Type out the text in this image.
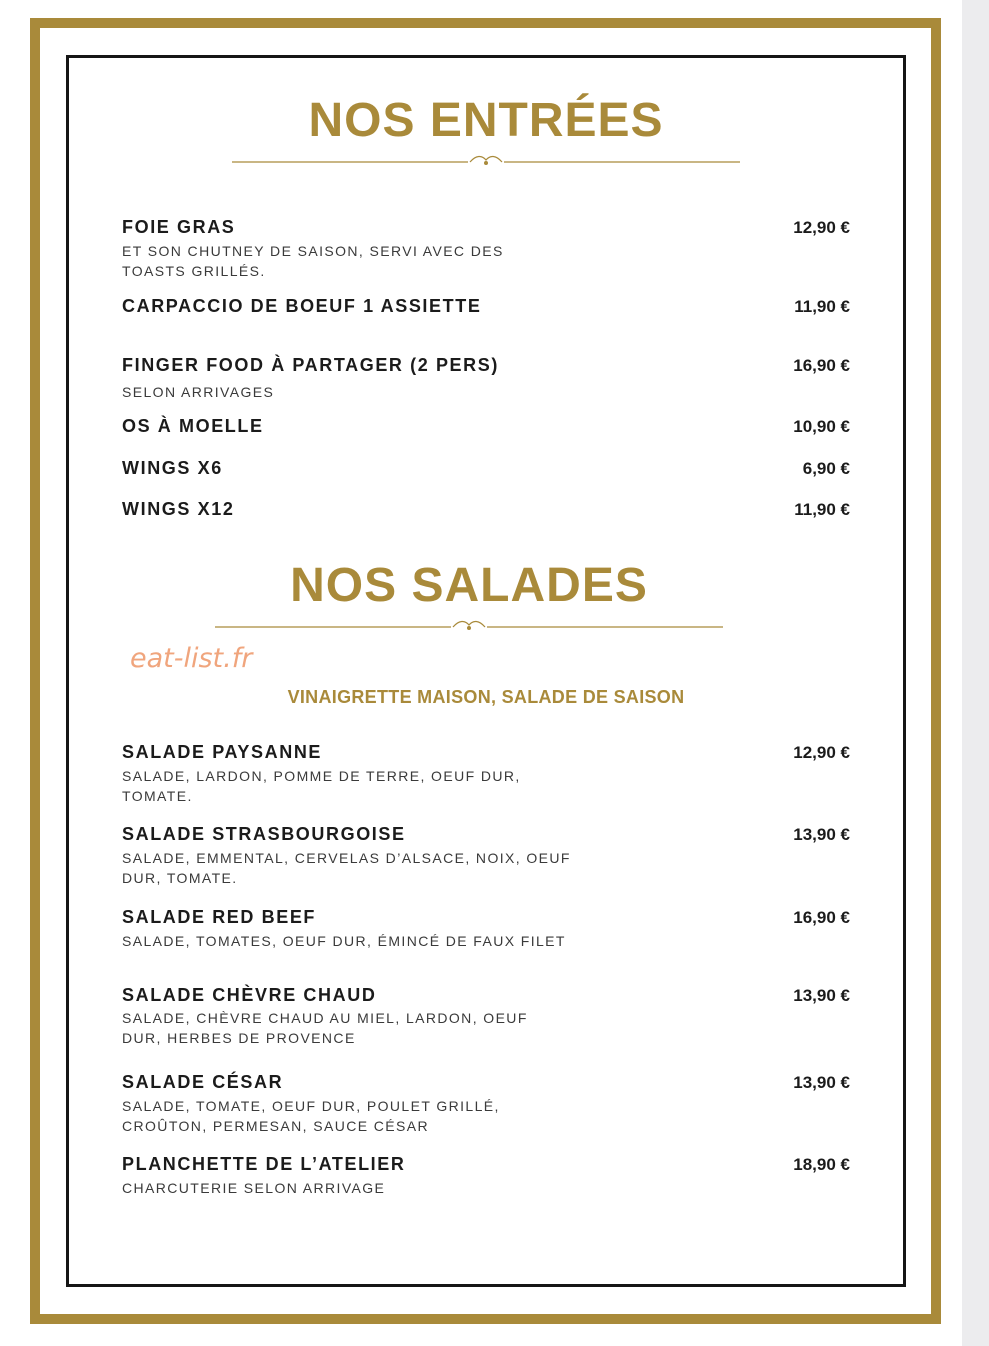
NOS ENTRÉES
FOIE GRAS	12,90 €
ET SON CHUTNEY DE SAISON, SERVI AVEC DES TOASTS GRILLÉS.
CARPACCIO DE BOEUF 1 ASSIETTE	11,90 €
FINGER FOOD À PARTAGER (2 PERS)	16,90 €
SELON ARRIVAGES
OS À MOELLE	10,90 €
WINGS X6	6,90 €
WINGS X12	11,90 €
NOS SALADES
VINAIGRETTE MAISON, SALADE DE SAISON
SALADE PAYSANNE	12,90 €
SALADE, LARDON, POMME DE TERRE, OEUF DUR, TOMATE.
SALADE STRASBOURGOISE	13,90 €
SALADE, EMMENTAL, CERVELAS D’ALSACE, NOIX, OEUF DUR, TOMATE.
SALADE RED BEEF	16,90 €
SALADE, TOMATES, OEUF DUR, ÉMINCÉ DE FAUX FILET
SALADE CHÈVRE CHAUD	13,90 €
SALADE, CHÈVRE CHAUD AU MIEL, LARDON, OEUF DUR, HERBES DE PROVENCE
SALADE CÉSAR	13,90 €
SALADE, TOMATE, OEUF DUR, POULET GRILLÉ, CROÛTON, PERMESAN, SAUCE CÉSAR
PLANCHETTE DE L’ATELIER	18,90 €
CHARCUTERIE SELON ARRIVAGE
eat-list.fr
